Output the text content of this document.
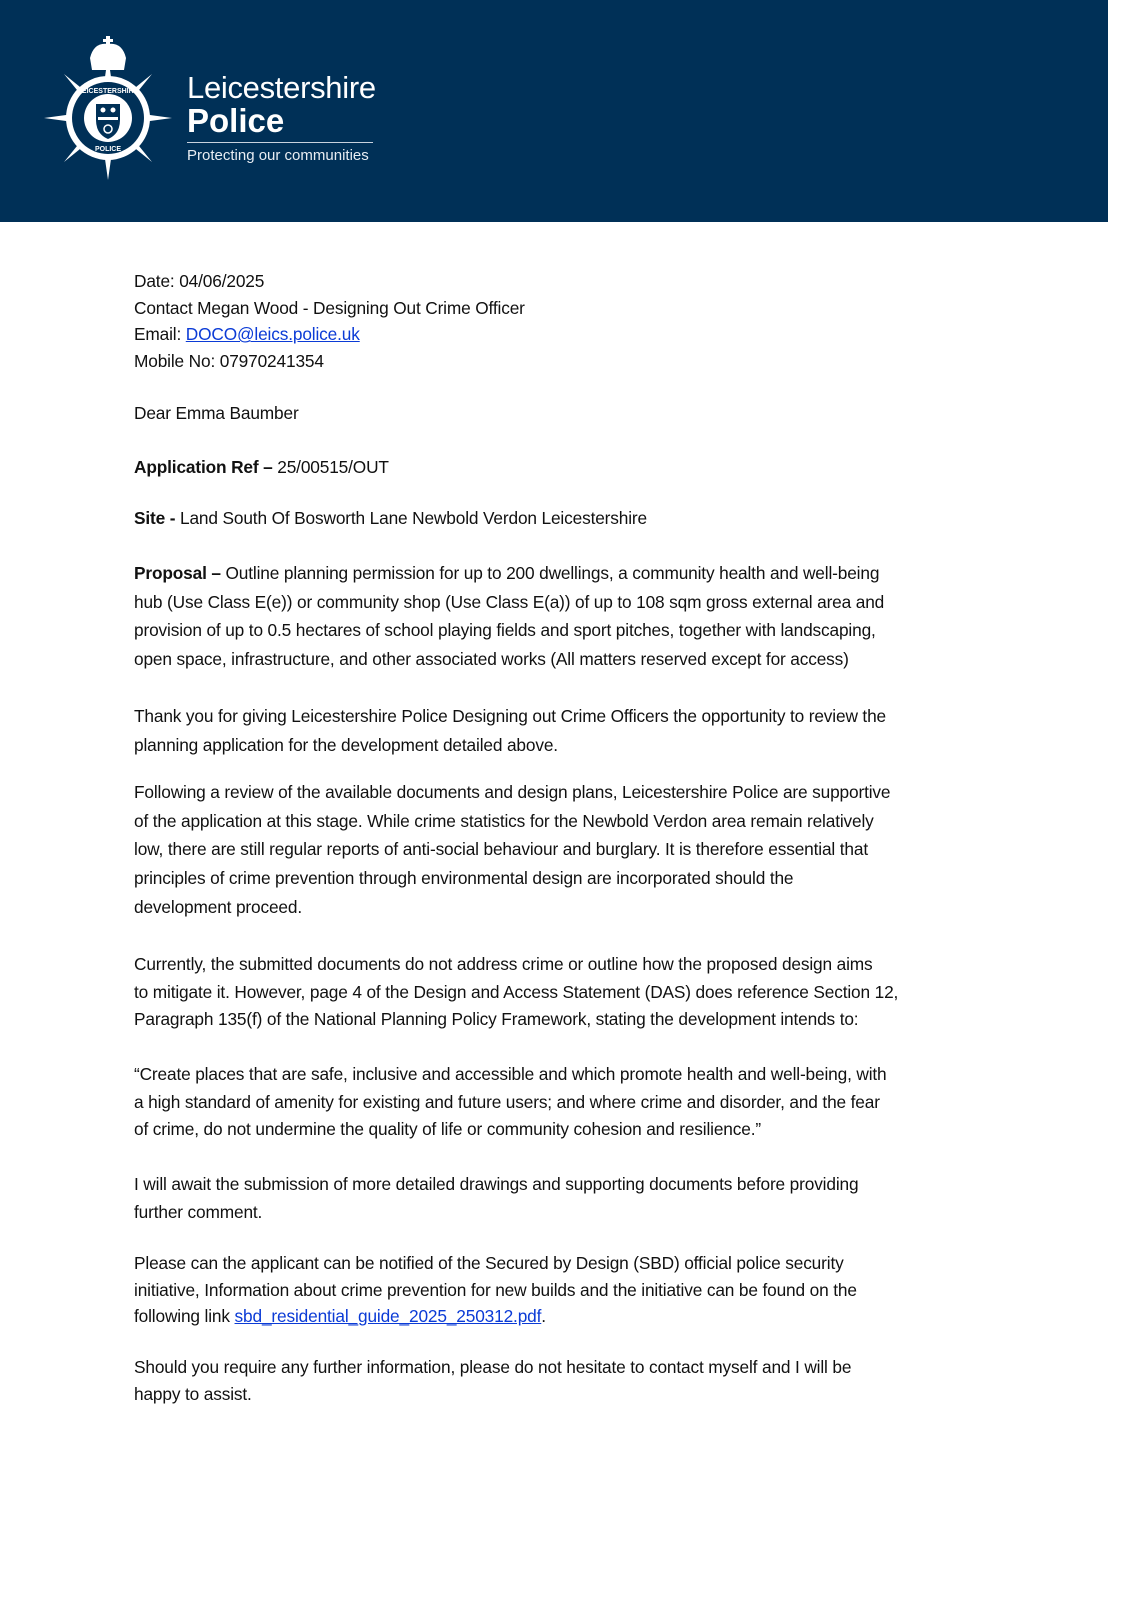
LEICESTERSHIRE
POLICE
Leicestershire
Police
Protecting our communities
Date: 04/06/2025
Contact Megan Wood - Designing Out Crime Officer
Email: DOCO@leics.police.uk
Mobile No: 07970241354
Dear Emma Baumber
Application Ref – 25/00515/OUT
Site - Land South Of Bosworth Lane Newbold Verdon Leicestershire
Proposal – Outline planning permission for up to 200 dwellings, a community health and well-being
hub (Use Class E(e)) or community shop (Use Class E(a)) of up to 108 sqm gross external area and
provision of up to 0.5 hectares of school playing fields and sport pitches, together with landscaping,
open space, infrastructure, and other associated works (All matters reserved except for access)
Thank you for giving Leicestershire Police Designing out Crime Officers the opportunity to review the
planning application for the development detailed above.
Following a review of the available documents and design plans, Leicestershire Police are supportive
of the application at this stage. While crime statistics for the Newbold Verdon area remain relatively
low, there are still regular reports of anti-social behaviour and burglary. It is therefore essential that
principles of crime prevention through environmental design are incorporated should the
development proceed.
Currently, the submitted documents do not address crime or outline how the proposed design aims
to mitigate it. However, page 4 of the Design and Access Statement (DAS) does reference Section 12,
Paragraph 135(f) of the National Planning Policy Framework, stating the development intends to:
“Create places that are safe, inclusive and accessible and which promote health and well-being, with
a high standard of amenity for existing and future users; and where crime and disorder, and the fear
of crime, do not undermine the quality of life or community cohesion and resilience.”
I will await the submission of more detailed drawings and supporting documents before providing
further comment.
Please can the applicant can be notified of the Secured by Design (SBD) official police security
initiative, Information about crime prevention for new builds and the initiative can be found on the
following link sbd_residential_guide_2025_250312.pdf.
Should you require any further information, please do not hesitate to contact myself and I will be
happy to assist.
